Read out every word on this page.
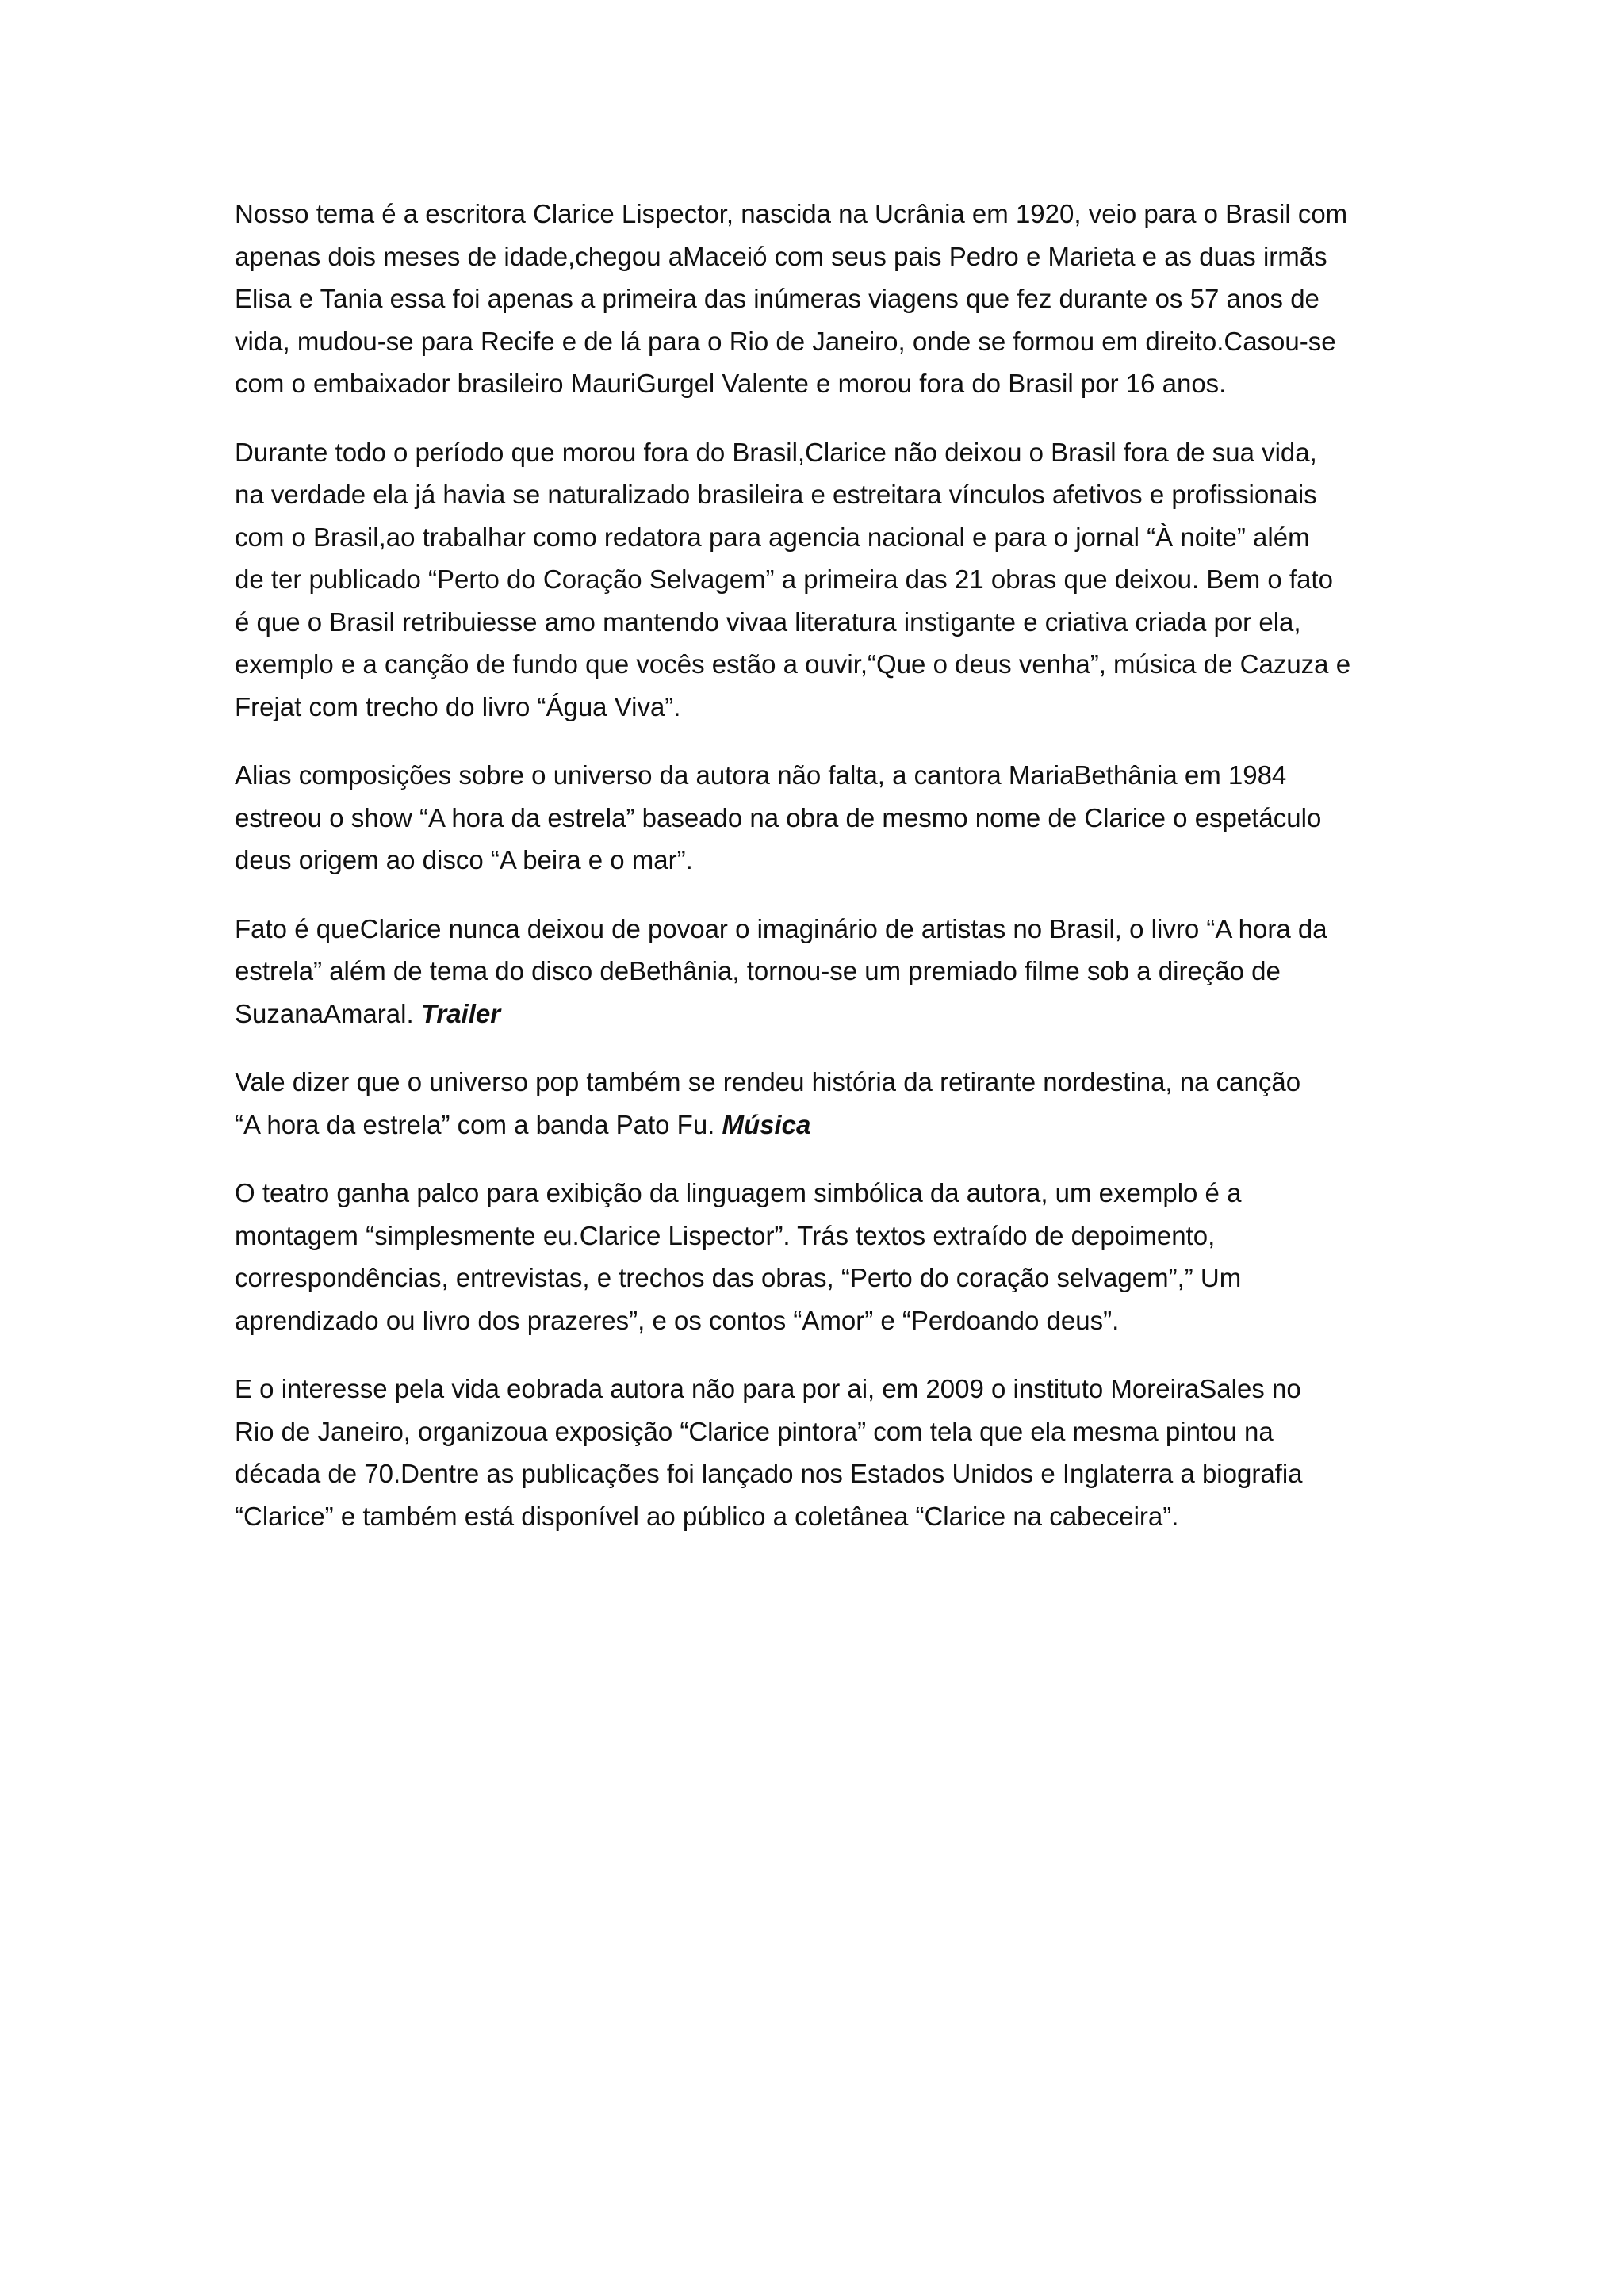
Nosso tema é a escritora Clarice Lispector, nascida na Ucrânia em 1920, veio para o Brasil com
apenas dois meses de idade,chegou aMaceió com seus pais Pedro e Marieta e as duas irmãs
Elisa e Tania essa foi apenas a primeira das inúmeras viagens que fez durante os 57 anos de
vida, mudou-se para Recife e de lá para o Rio de Janeiro, onde se formou em direito.Casou-se
com o embaixador brasileiro MauriGurgel Valente e morou fora do Brasil por 16 anos.

Durante todo o período que morou fora do Brasil,Clarice não deixou o Brasil fora de sua vida,
na verdade ela já havia se naturalizado brasileira e estreitara vínculos afetivos e profissionais
com o Brasil,ao trabalhar como redatora para agencia nacional e para o jornal “À noite” além
de ter publicado “Perto do Coração Selvagem” a primeira das 21 obras que deixou. Bem o fato
é que o Brasil retribuiesse amo mantendo vivaa literatura instigante e criativa criada por ela,
exemplo e a canção de fundo que vocês estão a ouvir,“Que o deus venha”, música de Cazuza e
Frejat com trecho do livro “Água Viva”.

Alias composições sobre o universo da autora não falta, a cantora MariaBethânia em 1984
estreou o show “A hora da estrela” baseado na obra de mesmo nome de Clarice o espetáculo
deus origem ao disco “A beira e o mar”.

Fato é queClarice nunca deixou de povoar o imaginário de artistas no Brasil, o livro “A hora da
estrela” além de tema do disco deBethânia, tornou-se um premiado filme sob a direção de
SuzanaAmaral. Trailer

Vale dizer que o universo pop também se rendeu história da retirante nordestina, na canção
“A hora da estrela” com a banda Pato Fu. Música

O teatro ganha palco para exibição da linguagem simbólica da autora, um exemplo é a
montagem “simplesmente eu.Clarice Lispector”. Trás textos extraído de depoimento,
correspondências, entrevistas, e trechos das obras, “Perto do coração selvagem”,” Um
aprendizado ou livro dos prazeres”, e os contos “Amor” e “Perdoando deus”.

E o interesse pela vida eobrada autora não para por ai, em 2009 o instituto MoreiraSales no
Rio de Janeiro, organizoua exposição “Clarice pintora” com tela que ela mesma pintou na
década de 70.Dentre as publicações foi lançado nos Estados Unidos e Inglaterra a biografia
“Clarice” e também está disponível ao público a coletânea “Clarice na cabeceira”.
